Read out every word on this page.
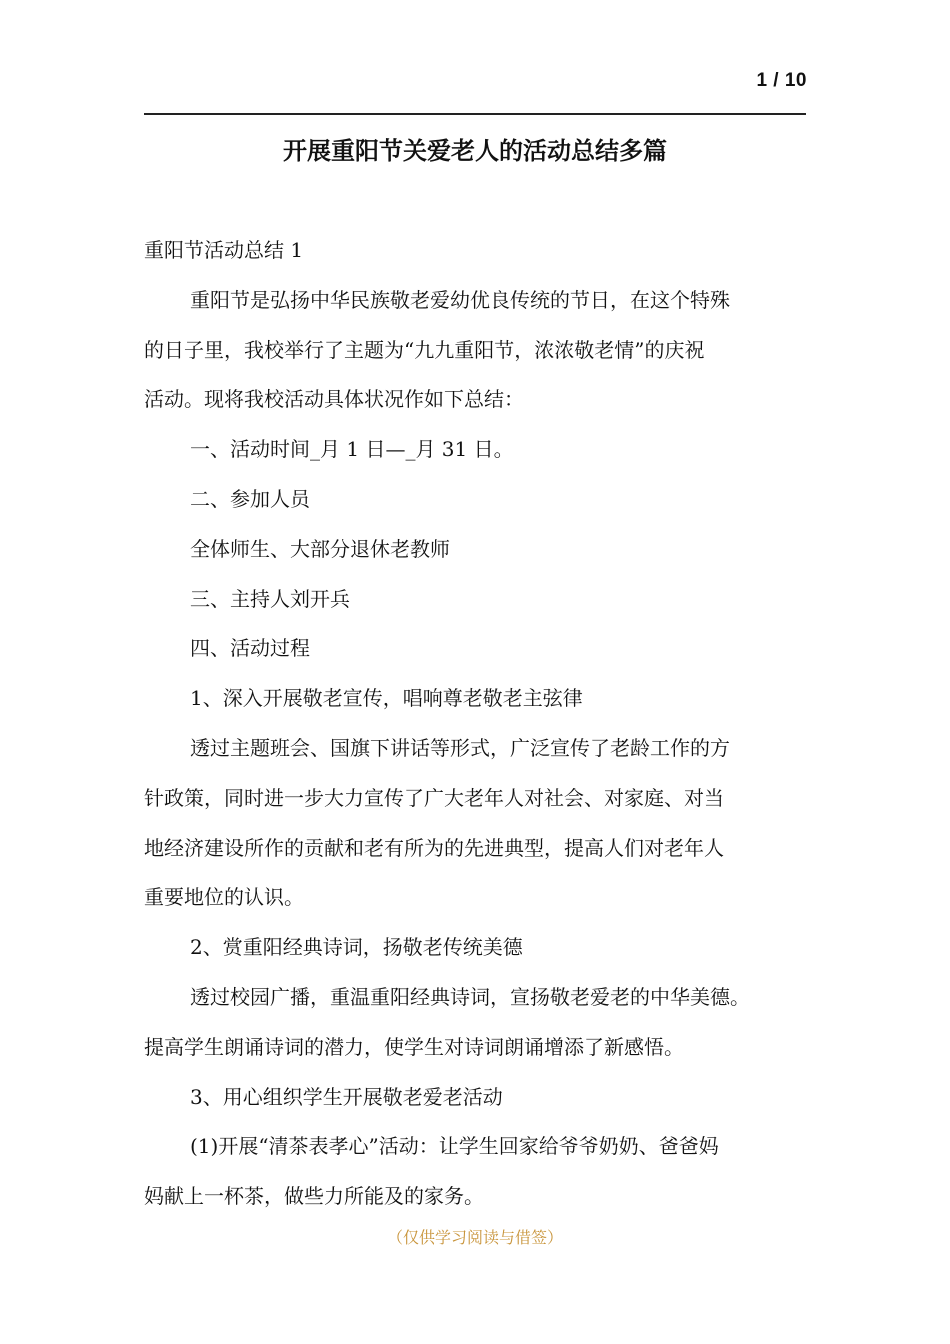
1 / 10
开展重阳节关爱老人的活动总结多篇

重阳节活动总结 1

重阳节是弘扬中华民族敬老爱幼优良传统的节日，在这个特殊

的日子里，我校举行了主题为“九九重阳节，浓浓敬老情”的庆祝

活动。现将我校活动具体状况作如下总结：

一、活动时间_月 1 日—_月 31 日。

二、参加人员

全体师生、大部分退休老教师

三、主持人刘开兵

四、活动过程

1、深入开展敬老宣传，唱响尊老敬老主弦律

透过主题班会、国旗下讲话等形式，广泛宣传了老龄工作的方

针政策，同时进一步大力宣传了广大老年人对社会、对家庭、对当

地经济建设所作的贡献和老有所为的先进典型，提高人们对老年人

重要地位的认识。

2、赏重阳经典诗词，扬敬老传统美德

透过校园广播，重温重阳经典诗词，宣扬敬老爱老的中华美德。

提高学生朗诵诗词的潜力，使学生对诗词朗诵增添了新感悟。

3、用心组织学生开展敬老爱老活动

(1)开展“清茶表孝心”活动：让学生回家给爷爷奶奶、爸爸妈

妈献上一杯茶，做些力所能及的家务。

（仅供学习阅读与借签）
